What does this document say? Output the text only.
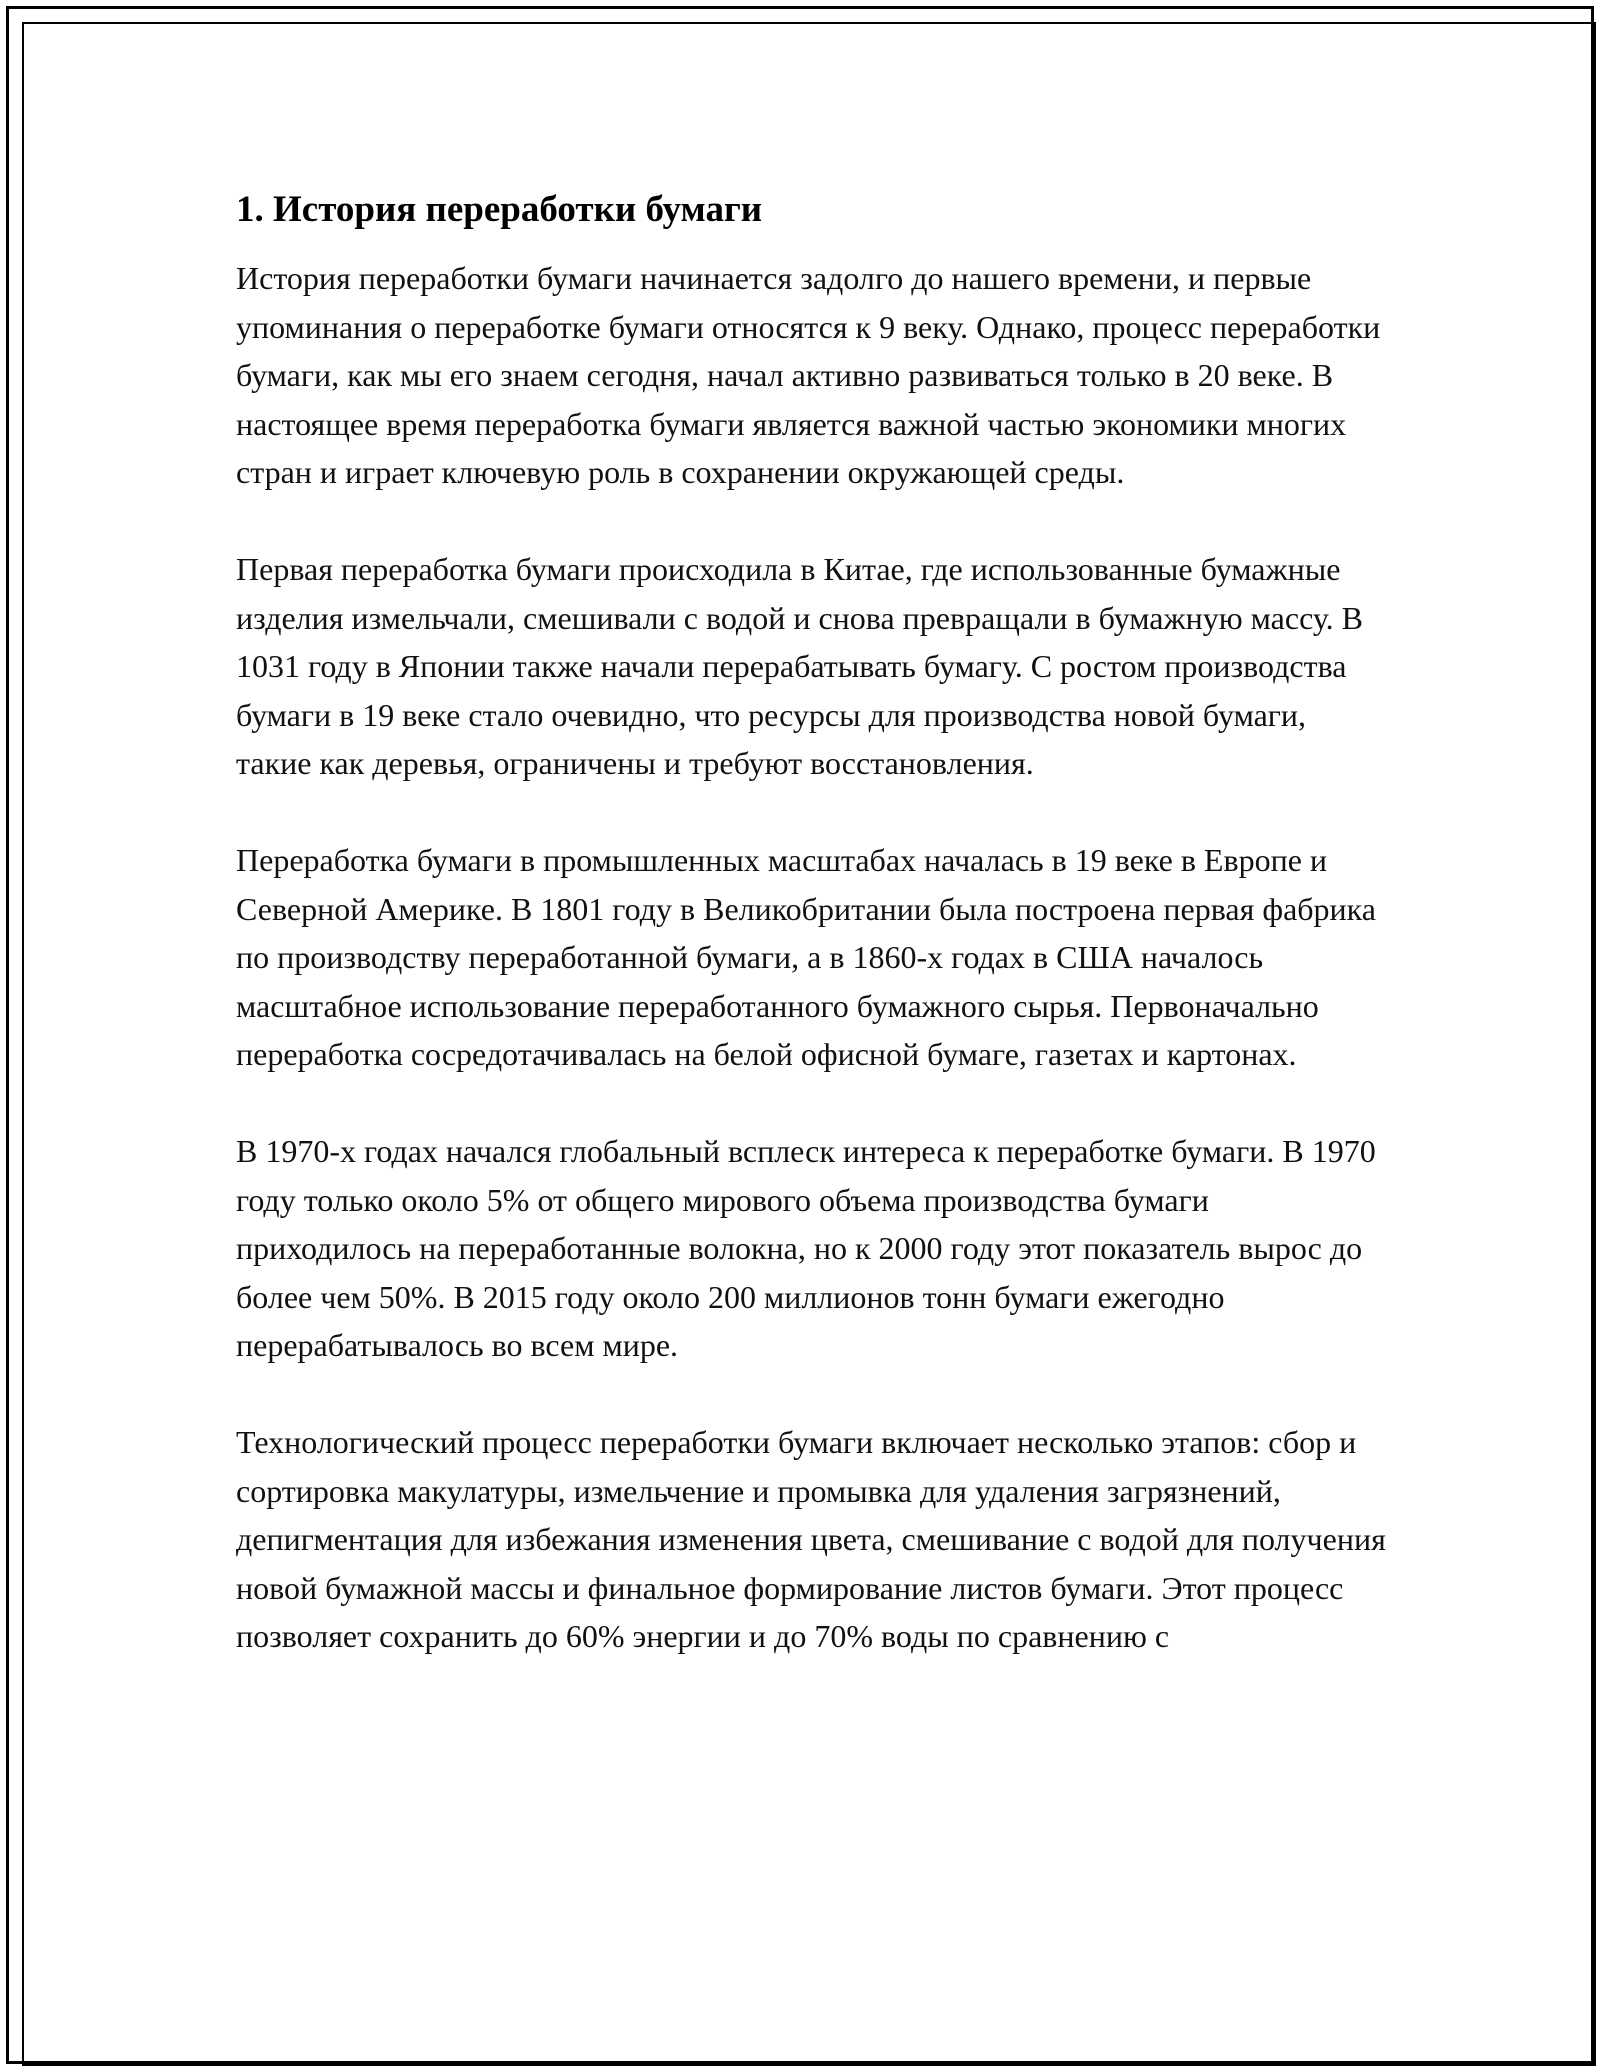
1. История переработки бумаги

История переработки бумаги начинается задолго до нашего времени, и первые упоминания о переработке бумаги относятся к 9 веку. Однако, процесс переработки бумаги, как мы его знаем сегодня, начал активно развиваться только в 20 веке. В настоящее время переработка бумаги является важной частью экономики многих стран и играет ключевую роль в сохранении окружающей среды.

Первая переработка бумаги происходила в Китае, где использованные бумажные изделия измельчали, смешивали с водой и снова превращали в бумажную массу. В 1031 году в Японии также начали перерабатывать бумагу. С ростом производства бумаги в 19 веке стало очевидно, что ресурсы для производства новой бумаги, такие как деревья, ограничены и требуют восстановления.

Переработка бумаги в промышленных масштабах началась в 19 веке в Европе и Северной Америке. В 1801 году в Великобритании была построена первая фабрика по производству переработанной бумаги, а в 1860-х годах в США началось масштабное использование переработанного бумажного сырья. Первоначально переработка сосредотачивалась на белой офисной бумаге, газетах и картонах.

В 1970-х годах начался глобальный всплеск интереса к переработке бумаги. В 1970 году только около 5% от общего мирового объема производства бумаги приходилось на переработанные волокна, но к 2000 году этот показатель вырос до более чем 50%. В 2015 году около 200 миллионов тонн бумаги ежегодно перерабатывалось во всем мире.

Технологический процесс переработки бумаги включает несколько этапов: сбор и сортировка макулатуры, измельчение и промывка для удаления загрязнений, депигментация для избежания изменения цвета, смешивание с водой для получения новой бумажной массы и финальное формирование листов бумаги. Этот процесс позволяет сохранить до 60% энергии и до 70% воды по сравнению с
